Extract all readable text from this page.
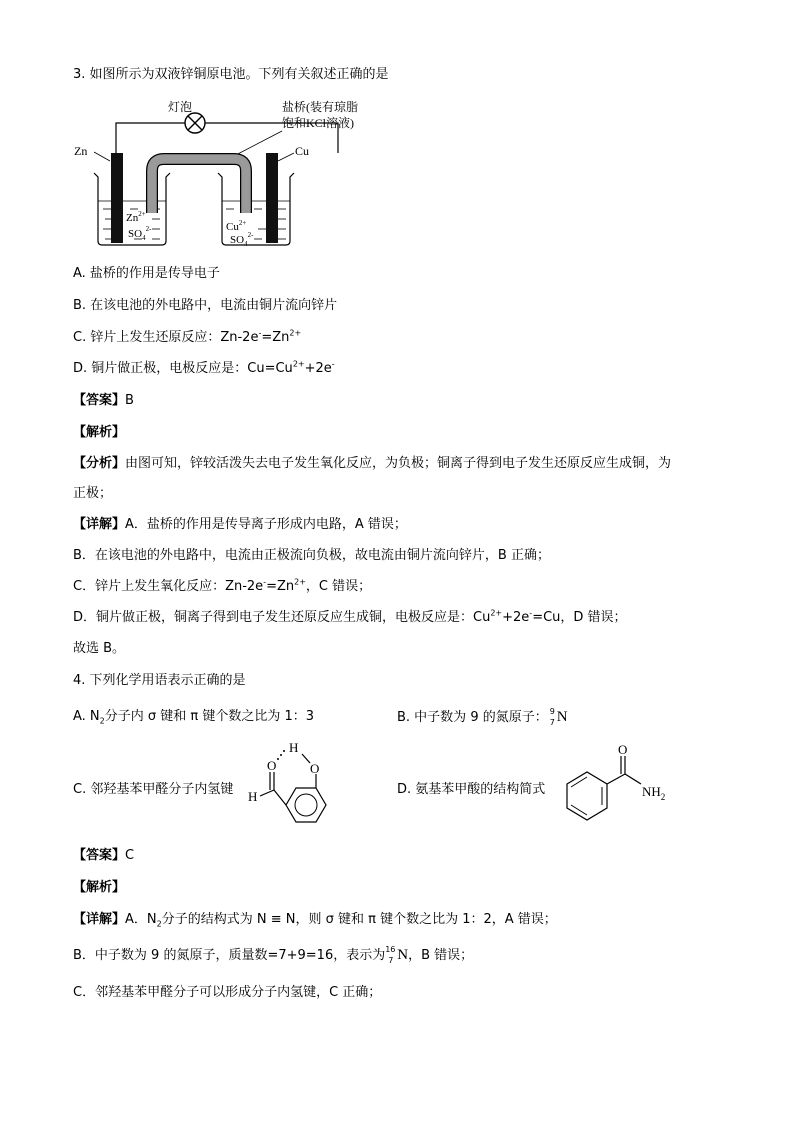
3. 如图所示为双液锌铜原电池。下列有关叙述正确的是
灯泡	盐桥(装有琼脂
饱和KCl溶液)
Zn	Cu
$Zn^{2+}$
$SO_4^{2-}$	$Cu^{2+}$
$SO_4^{2-}$
A. 盐桥的作用是传导电子
B. 在该电池的外电路中，电流由铜片流向锌片
C. 锌片上发生还原反应：$Zn-2e^-=Zn^{2+}$
D. 铜片做正极，电极反应是：$Cu=Cu^{2+}+2e^-$
【答案】B
【解析】
【分析】由图可知，锌较活泼失去电子发生氧化反应，为负极；铜离子得到电子发生还原反应生成铜，为
正极；
【详解】A．盐桥的作用是传导离子形成内电路，A 错误；
B．在该电池的外电路中，电流由正极流向负极，故电流由铜片流向锌片，B 正确；
C．锌片上发生氧化反应：$Zn-2e^-=Zn^{2+}$，C 错误；
D．铜片做正极，铜离子得到电子发生还原反应生成铜，电极反应是：$Cu^{2+}+2e^-=Cu$，D 错误；
故选 B。
4. 下列化学用语表示正确的是
A. $N_2$分子内 σ 键和 π 键个数之比为 1：3	B. 中子数为 9 的氮原子： 9
7 N
C. 邻羟基苯甲醛分子内氢键 H
O	O
H
D. 氨基苯甲酸的结构简式
O
$NH_2$
【答案】C
【解析】
【详解】A．$N_2$分子的结构式为 N ≡ N，则 σ 键和 π 键个数之比为 1：2，A 错误；
B．中子数为 9 的氮原子，质量数=7+9=16，表示为 16
7 N，B 错误；
C．邻羟基苯甲醛分子可以形成分子内氢键，C 正确；
